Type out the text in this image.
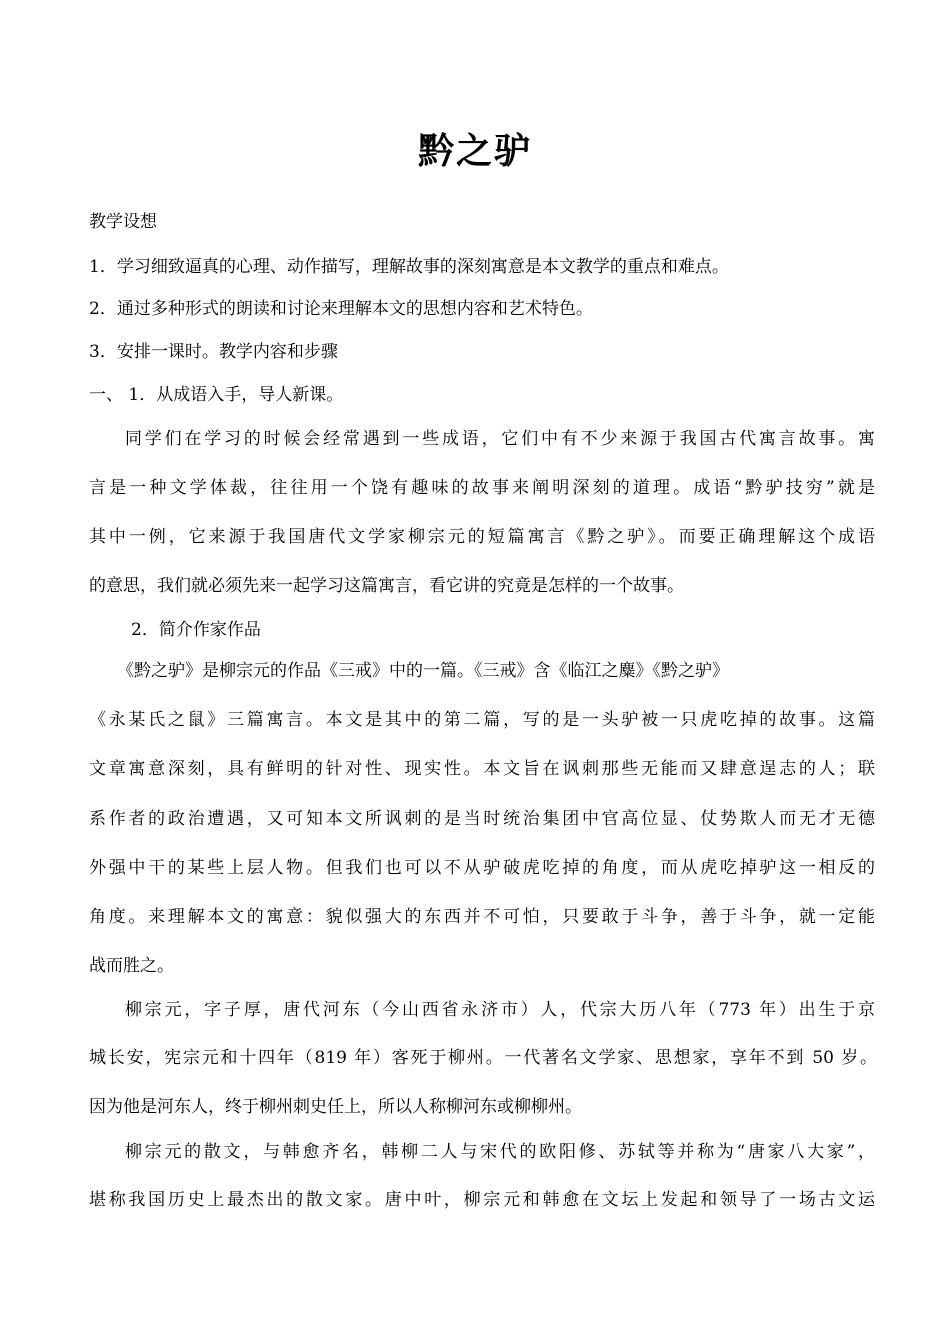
黔之驴
教学设想
1．学习细致逼真的心理、动作描写，理解故事的深刻寓意是本文教学的重点和难点。
2．通过多种形式的朗读和讨论来理解本文的思想内容和艺术特色。
3．安排一课时。教学内容和步骤
一、 1．从成语入手，导人新课。
同学们在学习的时候会经常遇到一些成语，它们中有不少来源于我国古代寓言故事。寓
言是一种文学体裁，往往用一个饶有趣味的故事来阐明深刻的道理。成语“黔驴技穷”就是
其中一例，它来源于我国唐代文学家柳宗元的短篇寓言《黔之驴》。而要正确理解这个成语
的意思，我们就必须先来一起学习这篇寓言，看它讲的究竟是怎样的一个故事。
2．简介作家作品
《黔之驴》是柳宗元的作品《三戒》中的一篇。《三戒》含《临江之麋》《黔之驴》
《永某氏之鼠》三篇寓言。本文是其中的第二篇，写的是一头驴被一只虎吃掉的故事。这篇
文章寓意深刻，具有鲜明的针对性、现实性。本文旨在讽刺那些无能而又肆意逞志的人；联
系作者的政治遭遇，又可知本文所讽刺的是当时统治集团中官高位显、仗势欺人而无才无德
外强中干的某些上层人物。但我们也可以不从驴破虎吃掉的角度，而从虎吃掉驴这一相反的
角度。来理解本文的寓意：貌似强大的东西并不可怕，只要敢于斗争，善于斗争，就一定能
战而胜之。
柳宗元，字子厚，唐代河东（今山西省永济市）人，代宗大历八年（773 年）出生于京
城长安，宪宗元和十四年（819 年）客死于柳州。一代著名文学家、思想家，享年不到 50 岁。
因为他是河东人，终于柳州刺史任上，所以人称柳河东或柳柳州。
柳宗元的散文，与韩愈齐名，韩柳二人与宋代的欧阳修、苏轼等并称为“唐家八大家”，
堪称我国历史上最杰出的散文家。唐中叶，柳宗元和韩愈在文坛上发起和领导了一场古文运
